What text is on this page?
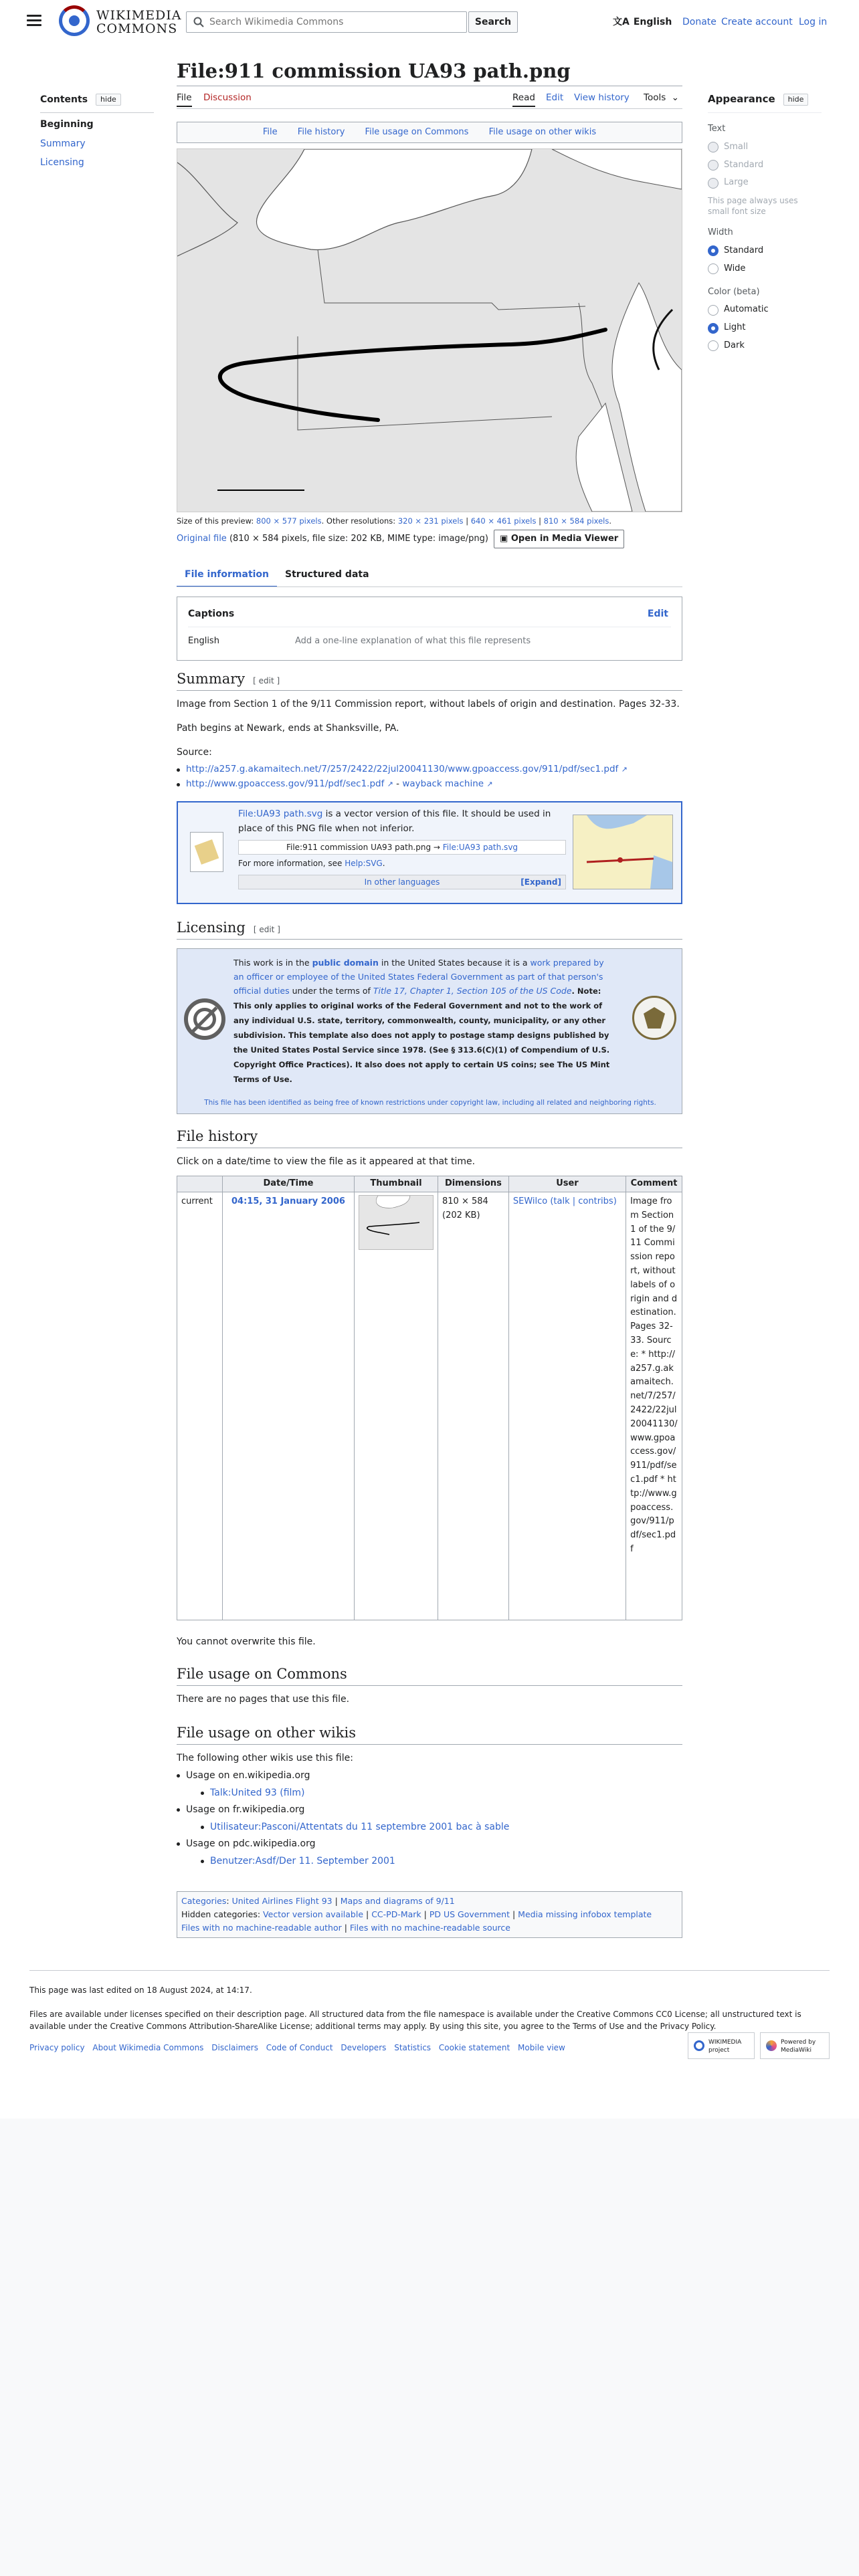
WIKIMEDIA
COMMONS
Search Wikimedia Commons	Search	文A English Donate Create account Log in
Contents hide
Beginning
Summary
Licensing
File:911 commission UA93 path.png
File Discussion	Read Edit View history Tools ⌄	Appearance hide
Text
Small
Standard
Large
This page always uses small font size
Width
Standard
Wide
Color (beta)
Automatic
Light
Dark
File File history File usage on Commons File usage on other wikis
Size of this preview: 800 × 577 pixels. Other resolutions: 320 × 231 pixels | 640 × 461 pixels | 810 × 584 pixels.
Original file (810 × 584 pixels, file size: 202 KB, MIME type: image/png) ▣ Open in Media Viewer
File information Structured data
Captions	Edit
English	Add a one-line explanation of what this file represents
Summary [ edit ]
Image from Section 1 of the 9/11 Commission report, without labels of origin and destination. Pages 32-33.
Path begins at Newark, ends at Shanksville, PA.
Source:
http://a257.g.akamaitech.net/7/257/2422/22jul20041130/www.gpoaccess.gov/911/pdf/sec1.pdf ↗
http://www.gpoaccess.gov/911/pdf/sec1.pdf ↗ - wayback machine ↗
File:UA93 path.svg is a vector version of this file. It should be used in place of this PNG file when not inferior.
File:911 commission UA93 path.png → File:UA93 path.svg
For more information, see Help:SVG.
In other languages	[Expand]
Licensing [ edit ]
This work is in the public domain in the United States because it is a work prepared by an officer or employee of the United States Federal Government as part of that person's official duties under the terms of Title 17, Chapter 1, Section 105 of the US Code. Note: This only applies to original works of the Federal Government and not to the work of any individual U.S. state, territory, commonwealth, county, municipality, or any other subdivision. This template also does not apply to postage stamp designs published by the United States Postal Service since 1978. (See § 313.6(C)(1) of Compendium of U.S. Copyright Office Practices). It also does not apply to certain US coins; see The US Mint Terms of Use.
This file has been identified as being free of known restrictions under copyright law, including all related and neighboring rights.
File history
Click on a date/time to view the file as it appeared at that time.
	Date/Time	Thumbnail	Dimensions	User	Comment
current	04:15, 31 January 2006		810 × 584 (202 KB)	SEWilco (talk | contribs)	Image from Section 1 of the 9/11 Commission report, without labels of origin and destination. Pages 32-33. Source: * http://a257.g.akamaitech.net/7/257/2422/22jul20041130/www.gpoaccess.gov/911/pdf/sec1.pdf * http://www.gpoaccess.gov/911/pdf/sec1.pdf
You cannot overwrite this file.
File usage on Commons
There are no pages that use this file.
File usage on other wikis
The following other wikis use this file:
Usage on en.wikipedia.org
Talk:United 93 (film)
Usage on fr.wikipedia.org
Utilisateur:Pasconi/Attentats du 11 septembre 2001 bac à sable
Usage on pdc.wikipedia.org
Benutzer:Asdf/Der 11. September 2001
Categories: United Airlines Flight 93 | Maps and diagrams of 9/11
Hidden categories: Vector version available | CC-PD-Mark | PD US Government | Media missing infobox template
Files with no machine-readable author | Files with no machine-readable source
This page was last edited on 18 August 2024, at 14:17.
Files are available under licenses specified on their description page. All structured data from the file namespace is available under the Creative Commons CC0 License; all unstructured text is available under the Creative Commons Attribution-ShareAlike License; additional terms may apply. By using this site, you agree to the Terms of Use and the Privacy Policy.
Privacy policy About Wikimedia Commons Disclaimers Code of Conduct Developers Statistics Cookie statement Mobile view
WIKIMEDIA project
Powered by MediaWiki
